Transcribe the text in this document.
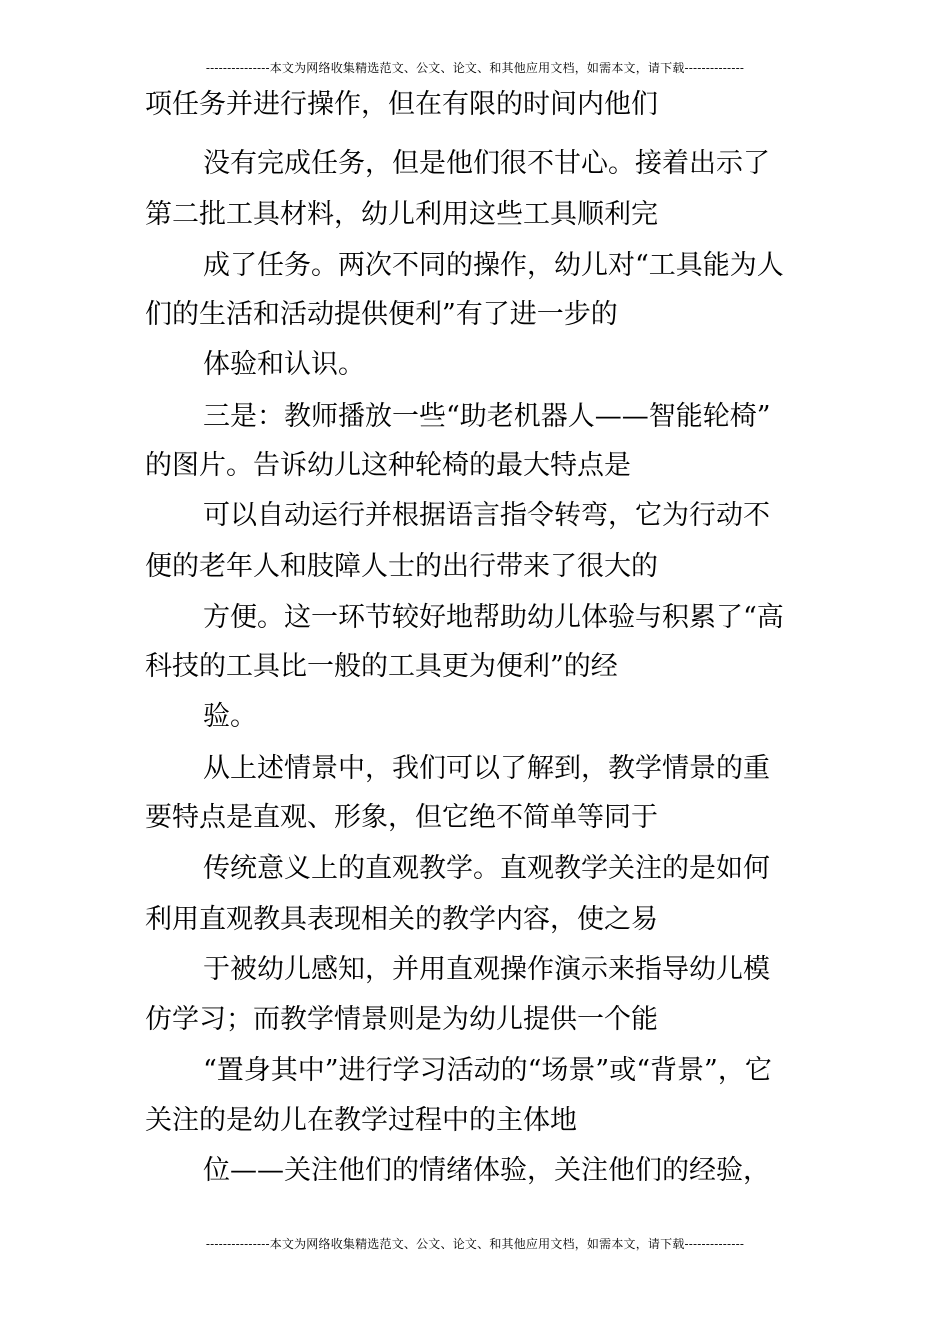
---------------本文为网络收集精选范文、公文、论文、和其他应用文档，如需本文，请下载--------------
项任务并进行操作，但在有限的时间内他们
没有完成任务，但是他们很不甘心。接着出示了
第二批工具材料，幼儿利用这些工具顺利完
成了任务。两次不同的操作，幼儿对“工具能为人
们的生活和活动提供便利”有了进一步的
体验和认识。
三是：教师播放一些“助老机器人——智能轮椅”
的图片。告诉幼儿这种轮椅的最大特点是
可以自动运行并根据语言指令转弯，它为行动不
便的老年人和肢障人士的出行带来了很大的
方便。这一环节较好地帮助幼儿体验与积累了“高
科技的工具比一般的工具更为便利”的经
验。
从上述情景中，我们可以了解到，教学情景的重
要特点是直观、形象，但它绝不简单等同于
传统意义上的直观教学。直观教学关注的是如何
利用直观教具表现相关的教学内容，使之易
于被幼儿感知，并用直观操作演示来指导幼儿模
仿学习；而教学情景则是为幼儿提供一个能
“置身其中”进行学习活动的“场景”或“背景”，它
关注的是幼儿在教学过程中的主体地
位——关注他们的情绪体验，关注他们的经验，
---------------本文为网络收集精选范文、公文、论文、和其他应用文档，如需本文，请下载--------------
